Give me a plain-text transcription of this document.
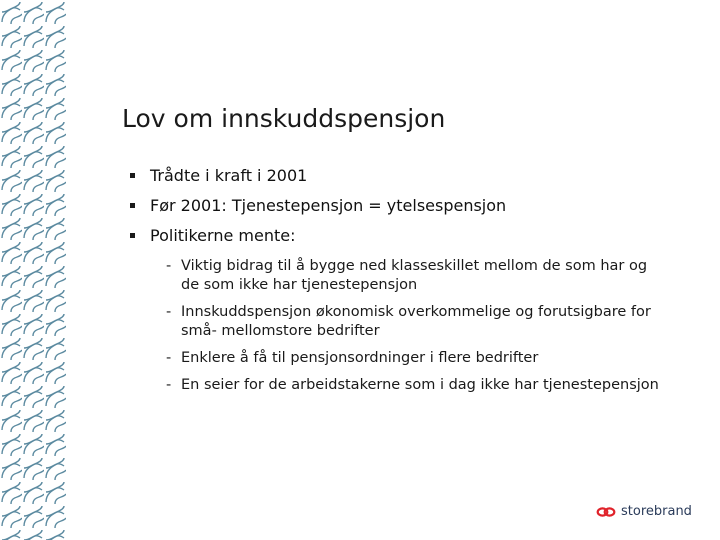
Lov om innskuddspensjon
Trådte i kraft i 2001
Før 2001: Tjenestepensjon = ytelsespensjon
Politikerne mente:
- Viktig bidrag til å bygge ned klasseskillet mellom de som har og de som ikke har tjenestepensjon
- Innskuddspensjon økonomisk overkommelige og forutsigbare for små- mellomstore bedrifter
- Enklere å få til pensjonsordninger i flere bedrifter
- En seier for de arbeidstakerne som i dag ikke har tjenestepensjon
storebrand
